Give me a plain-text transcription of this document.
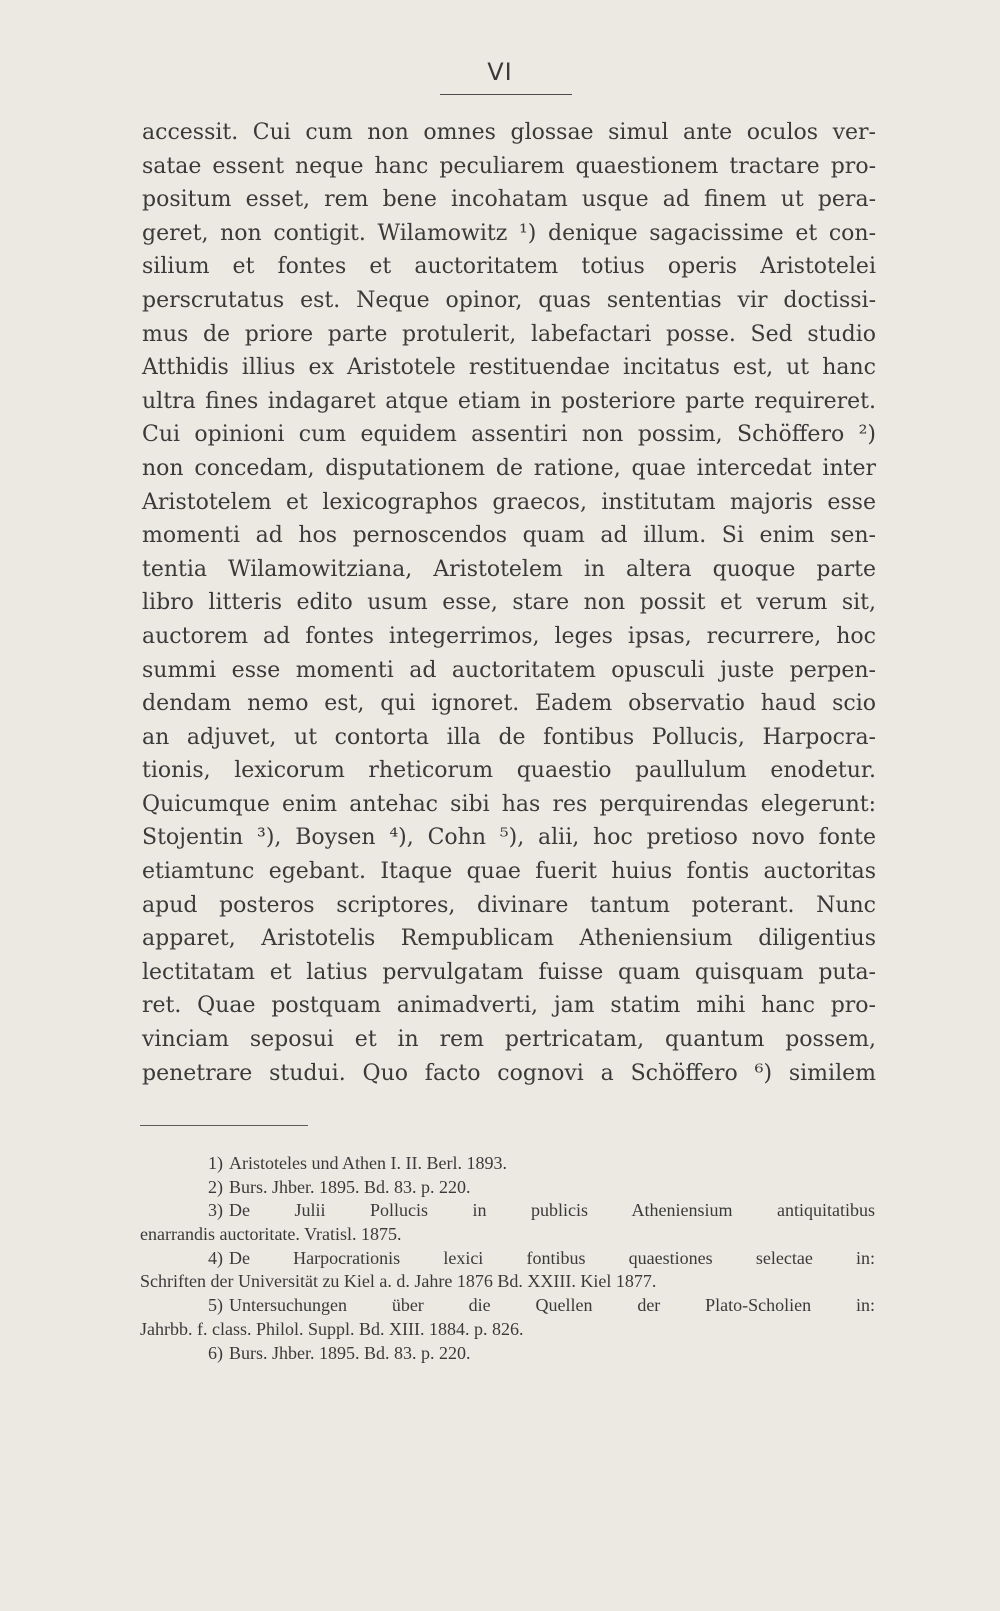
VI
accessit. Cui cum non omnes glossae simul ante oculos ver-
satae essent neque hanc peculiarem quaestionem tractare pro-
positum esset, rem bene incohatam usque ad finem ut pera-
geret, non contigit. Wilamowitz ¹) denique sagacissime et con-
silium et fontes et auctoritatem totius operis Aristotelei
perscrutatus est. Neque opinor, quas sententias vir doctissi-
mus de priore parte protulerit, labefactari posse. Sed studio
Atthidis illius ex Aristotele restituendae incitatus est, ut hanc
ultra fines indagaret atque etiam in posteriore parte requireret.
Cui opinioni cum equidem assentiri non possim, Schöffero ²)
non concedam, disputationem de ratione, quae intercedat inter
Aristotelem et lexicographos graecos, institutam majoris esse
momenti ad hos pernoscendos quam ad illum. Si enim sen-
tentia Wilamowitziana, Aristotelem in altera quoque parte
libro litteris edito usum esse, stare non possit et verum sit,
auctorem ad fontes integerrimos, leges ipsas, recurrere, hoc
summi esse momenti ad auctoritatem opusculi juste perpen-
dendam nemo est, qui ignoret. Eadem observatio haud scio
an adjuvet, ut contorta illa de fontibus Pollucis, Harpocra-
tionis, lexicorum rheticorum quaestio paullulum enodetur.
Quicumque enim antehac sibi has res perquirendas elegerunt:
Stojentin ³), Boysen ⁴), Cohn ⁵), alii, hoc pretioso novo fonte
etiamtunc egebant. Itaque quae fuerit huius fontis auctoritas
apud posteros scriptores, divinare tantum poterant. Nunc
apparet, Aristotelis Rempublicam Atheniensium diligentius
lectitatam et latius pervulgatam fuisse quam quisquam puta-
ret. Quae postquam animadverti, jam statim mihi hanc pro-
vinciam seposui et in rem pertricatam, quantum possem,
penetrare studui. Quo facto cognovi a Schöffero ⁶) similem
1) Aristoteles und Athen I. II. Berl. 1893.
2) Burs. Jhber. 1895. Bd. 83. p. 220.
3) De Julii Pollucis in publicis Atheniensium antiquitatibus
enarrandis auctoritate. Vratisl. 1875.
4) De Harpocrationis lexici fontibus quaestiones selectae in:
Schriften der Universität zu Kiel a. d. Jahre 1876 Bd. XXIII. Kiel 1877.
5) Untersuchungen über die Quellen der Plato-Scholien in:
Jahrbb. f. class. Philol. Suppl. Bd. XIII. 1884. p. 826.
6) Burs. Jhber. 1895. Bd. 83. p. 220.
